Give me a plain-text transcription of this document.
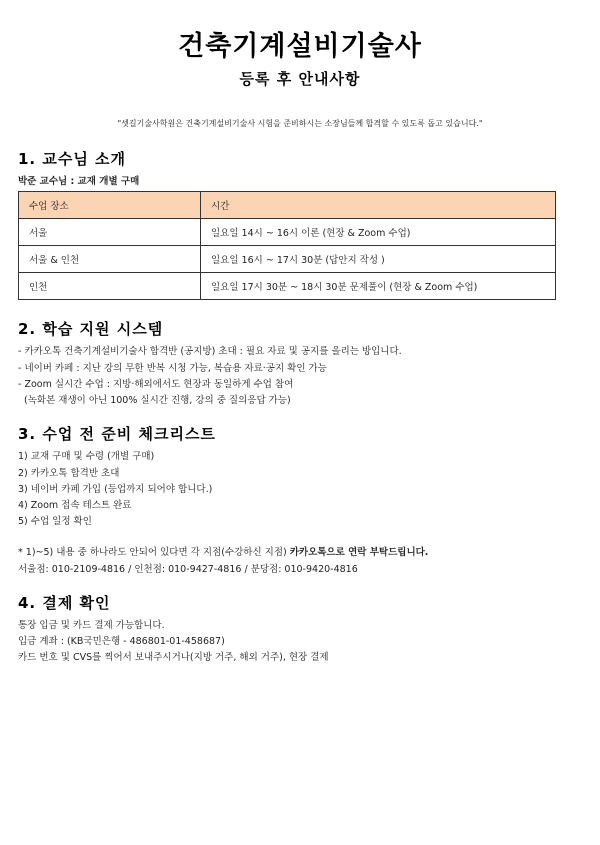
건축기계설비기술사
등록 후 안내사항
"셋길기술사학원은 건축기계설비기술사 시험을 준비하시는 소장님들께 합격할 수 있도록 돕고 있습니다."
1. 교수님 소개
박준 교수님 : 교재 개별 구매
수업 장소	시간
서울	일요일 14시 ~ 16시 이론 (현장 & Zoom 수업)
서울 & 인천	일요일 16시 ~ 17시 30분 (답안지 작성 )
인천	일요일 17시 30분 ~ 18시 30분 문제풀이 (현장 & Zoom 수업)
2. 학습 지원 시스템
- 카카오톡 건축기계설비기술사 합격반 (공지방) 초대 : 필요 자료 및 공지를 올리는 방입니다.
- 네이버 카페 : 지난 강의 무한 반복 시청 가능, 복습용 자료·공지 확인 가능
- Zoom 실시간 수업 : 지방·해외에서도 현장과 동일하게 수업 참여
(녹화본 재생이 아닌 100% 실시간 진행, 강의 중 질의응답 가능)
3. 수업 전 준비 체크리스트
1) 교재 구매 및 수령 (개별 구매)
2) 카카오톡 합격반 초대
3) 네이버 카페 가입 (등업까지 되어야 합니다.)
4) Zoom 접속 테스트 완료
5) 수업 일정 확인
* 1)~5) 내용 중 하나라도 안되어 있다면 각 지점(수강하신 지점) 카카오톡으로 연락 부탁드립니다.
서울점: 010-2109-4816 / 인천점: 010-9427-4816 / 분당점: 010-9420-4816
4. 결제 확인
통장 입금 및 카드 결제 가능합니다.
입금 계좌 : (KB국민은행 - 486801-01-458687)
카드 번호 및 CVS를 찍어서 보내주시거나(지방 거주, 해외 거주), 현장 결제
